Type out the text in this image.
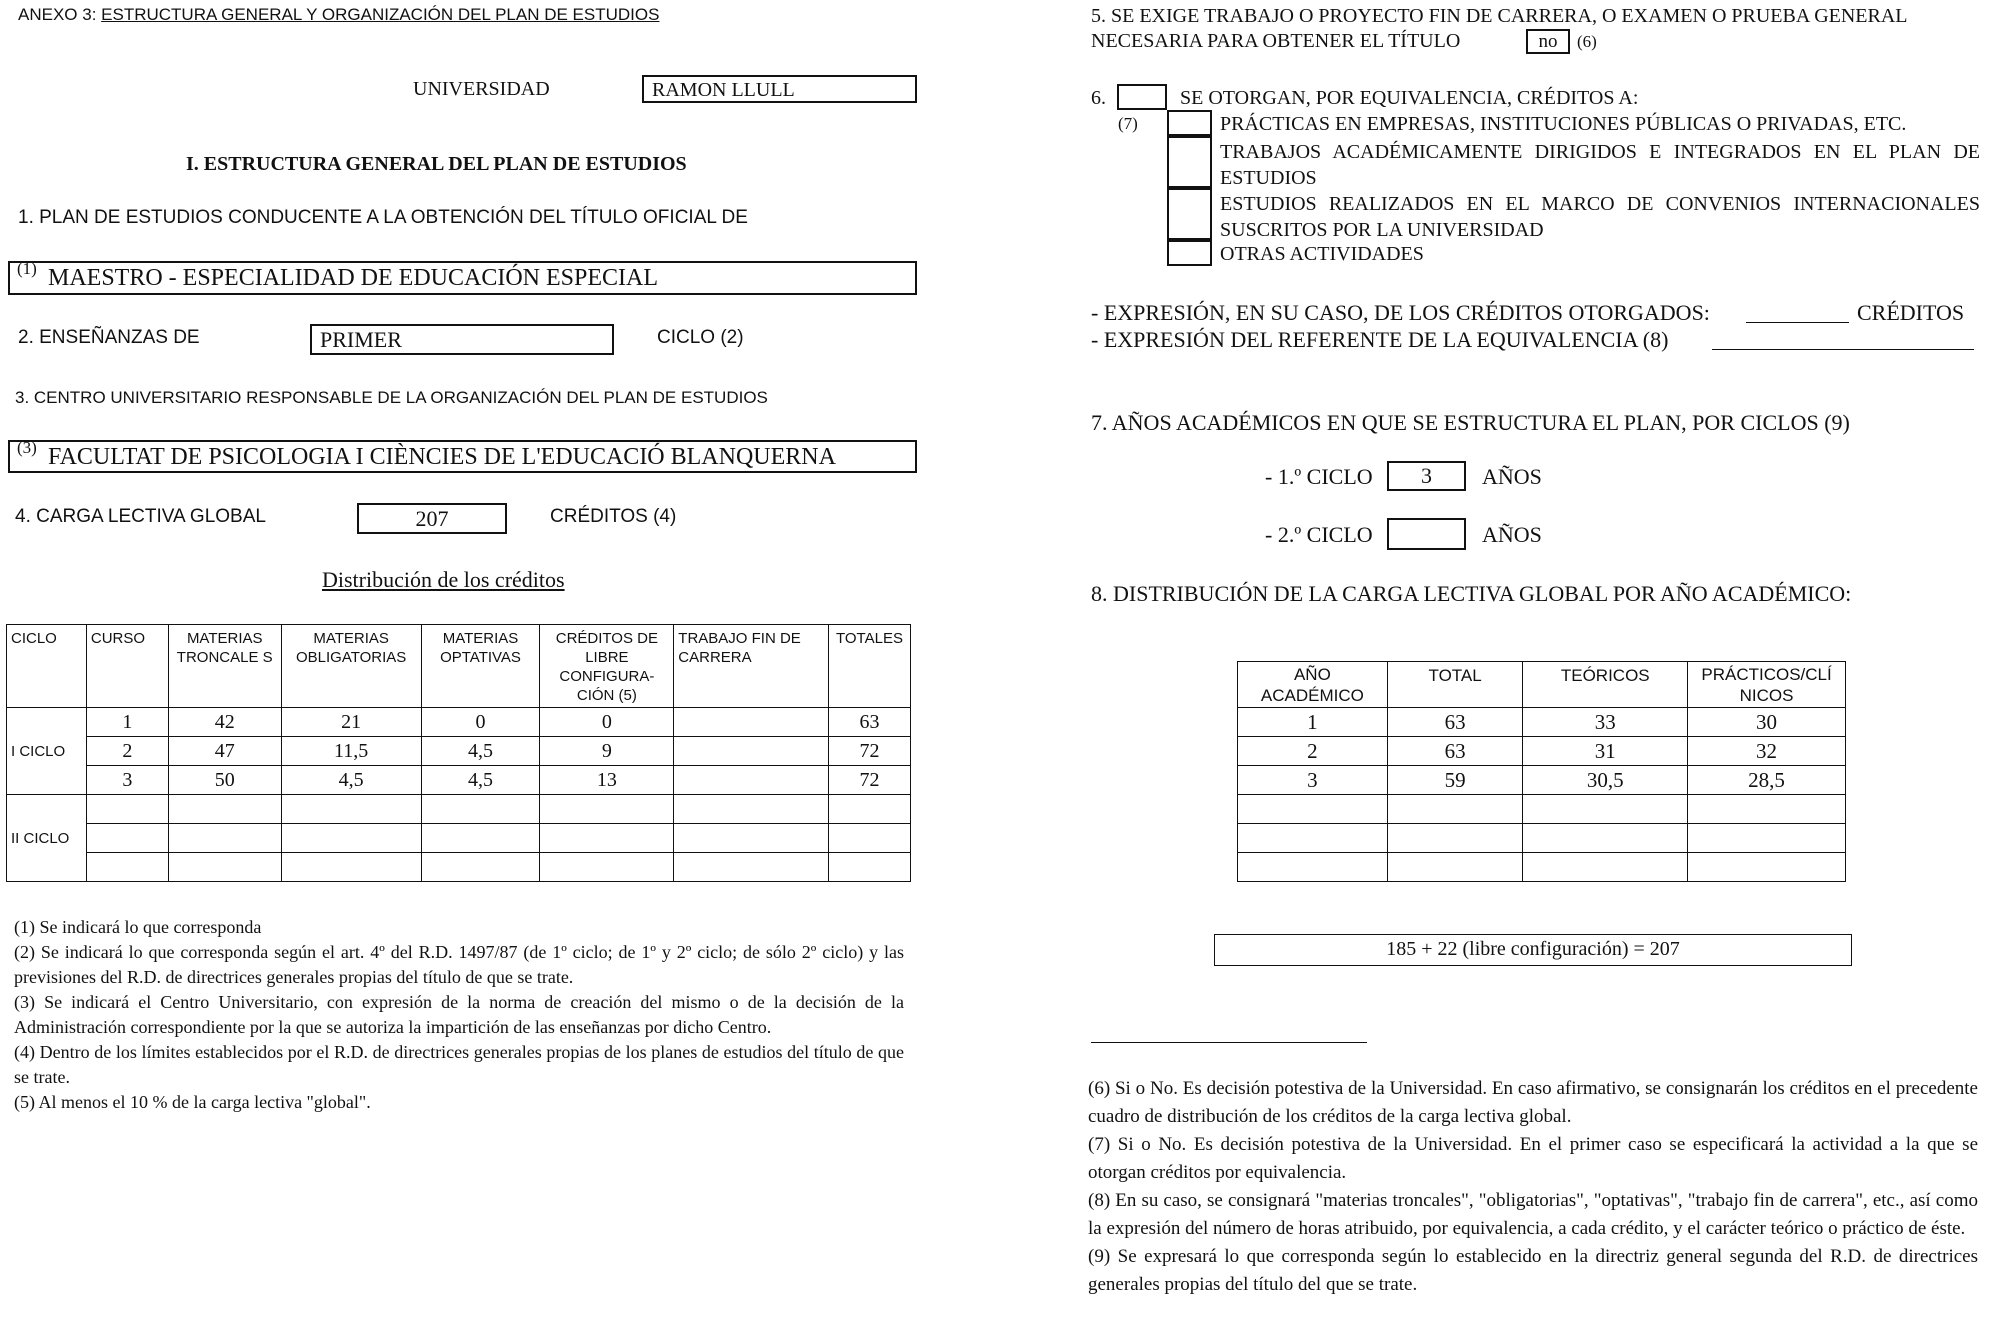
ANEXO 3: ESTRUCTURA GENERAL Y ORGANIZACIÓN DEL PLAN DE ESTUDIOS
UNIVERSIDAD	RAMON LLULL
I. ESTRUCTURA GENERAL DEL PLAN DE ESTUDIOS
1. PLAN DE ESTUDIOS CONDUCENTE A LA OBTENCIÓN DEL TÍTULO OFICIAL DE
(1) MAESTRO - ESPECIALIDAD DE EDUCACIÓN ESPECIAL
2. ENSEÑANZAS DE	PRIMER	CICLO (2)
3. CENTRO UNIVERSITARIO RESPONSABLE DE LA ORGANIZACIÓN DEL PLAN DE ESTUDIOS
(3) FACULTAT DE PSICOLOGIA I CIÈNCIES DE L'EDUCACIÓ BLANQUERNA
4. CARGA LECTIVA GLOBAL	207	CRÉDITOS (4)
Distribución de los créditos
CICLO	CURSO	MATERIAS TRONCALE S	MATERIAS OBLIGATORIAS	MATERIAS OPTATIVAS	CRÉDITOS DE LIBRE CONFIGURA-CIÓN (5)	TRABAJO FIN DE CARRERA	TOTALES
I CICLO	1	42	21	0	0		63
	2	47	11,5	4,5	9		72
	3	50	4,5	4,5	13		72
II CICLO							

(1) Se indicará lo que corresponda
(2) Se indicará lo que corresponda según el art. 4º del R.D. 1497/87 (de 1º ciclo; de 1º y 2º ciclo; de sólo 2º ciclo) y las previsiones del R.D. de directrices generales propias del título de que se trate.
(3) Se indicará el Centro Universitario, con expresión de la norma de creación del mismo o de la decisión de la Administración correspondiente por la que se autoriza la impartición de las enseñanzas por dicho Centro.
(4) Dentro de los límites establecidos por el R.D. de directrices generales propias de los planes de estudios del título de que se trate.
(5) Al menos el 10 % de la carga lectiva "global".
5. SE EXIGE TRABAJO O PROYECTO FIN DE CARRERA, O EXAMEN O PRUEBA GENERAL
NECESARIA PARA OBTENER EL TÍTULO	no	(6)
6.	SE OTORGAN, POR EQUIVALENCIA, CRÉDITOS A:
(7)	PRÁCTICAS EN EMPRESAS, INSTITUCIONES PÚBLICAS O PRIVADAS, ETC.
TRABAJOS ACADÉMICAMENTE DIRIGIDOS E INTEGRADOS EN EL PLAN DE ESTUDIOS
ESTUDIOS REALIZADOS EN EL MARCO DE CONVENIOS INTERNACIONALES SUSCRITOS POR LA UNIVERSIDAD
OTRAS ACTIVIDADES
- EXPRESIÓN, EN SU CASO, DE LOS CRÉDITOS OTORGADOS:	CRÉDITOS
- EXPRESIÓN DEL REFERENTE DE LA EQUIVALENCIA (8)
7. AÑOS ACADÉMICOS EN QUE SE ESTRUCTURA EL PLAN, POR CICLOS (9)
- 1.º CICLO	3	AÑOS
- 2.º CICLO	AÑOS
8. DISTRIBUCIÓN DE LA CARGA LECTIVA GLOBAL POR AÑO ACADÉMICO:
AÑO ACADÉMICO	TOTAL	TEÓRICOS	PRÁCTICOS/CLÍ NICOS
1	63	33	30
2	63	31	32
3	59	30,5	28,5

185 + 22 (libre configuración) = 207
(6) Si o No. Es decisión potestiva de la Universidad. En caso afirmativo, se consignarán los créditos en el precedente cuadro de distribución de los créditos de la carga lectiva global.
(7) Si o No. Es decisión potestiva de la Universidad. En el primer caso se especificará la actividad a la que se otorgan créditos por equivalencia.
(8) En su caso, se consignará "materias troncales", "obligatorias", "optativas", "trabajo fin de carrera", etc., así como la expresión del número de horas atribuido, por equivalencia, a cada crédito, y el carácter teórico o práctico de éste.
(9) Se expresará lo que corresponda según lo establecido en la directriz general segunda del R.D. de directrices generales propias del título del que se trate.
